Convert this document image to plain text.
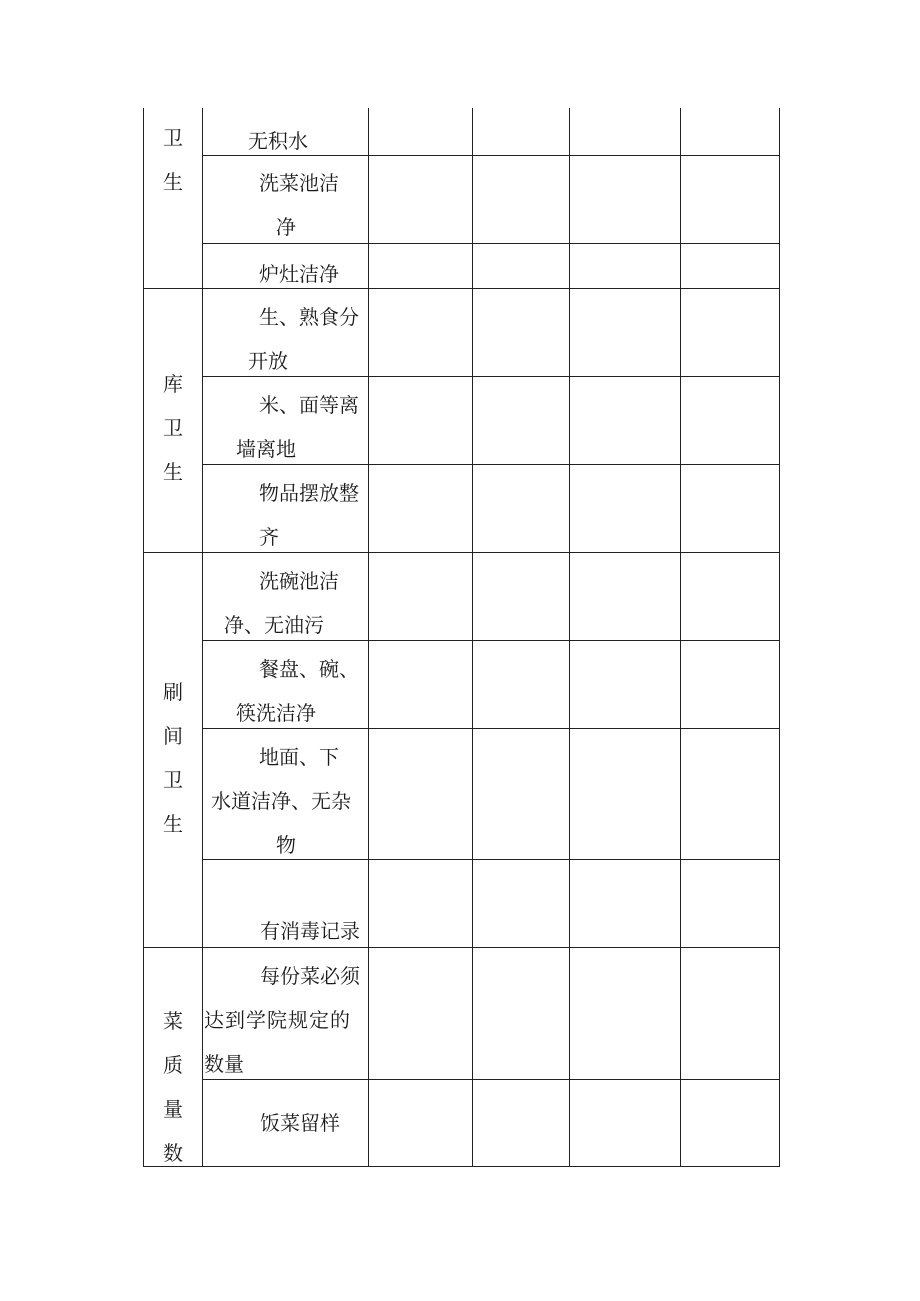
卫
生
无积水
洗菜池洁
净
炉灶洁净
库
卫
生
生、熟食分
开放
米、面等离
墙离地
物品摆放整
齐
刷
间
卫
生
洗碗池洁
净、无油污
餐盘、碗、
筷洗洁净
地面、下
水道洁净、无杂
物
有消毒记录
菜
质
量
数
每份菜必须
达到学院规定的
数量
饭菜留样
